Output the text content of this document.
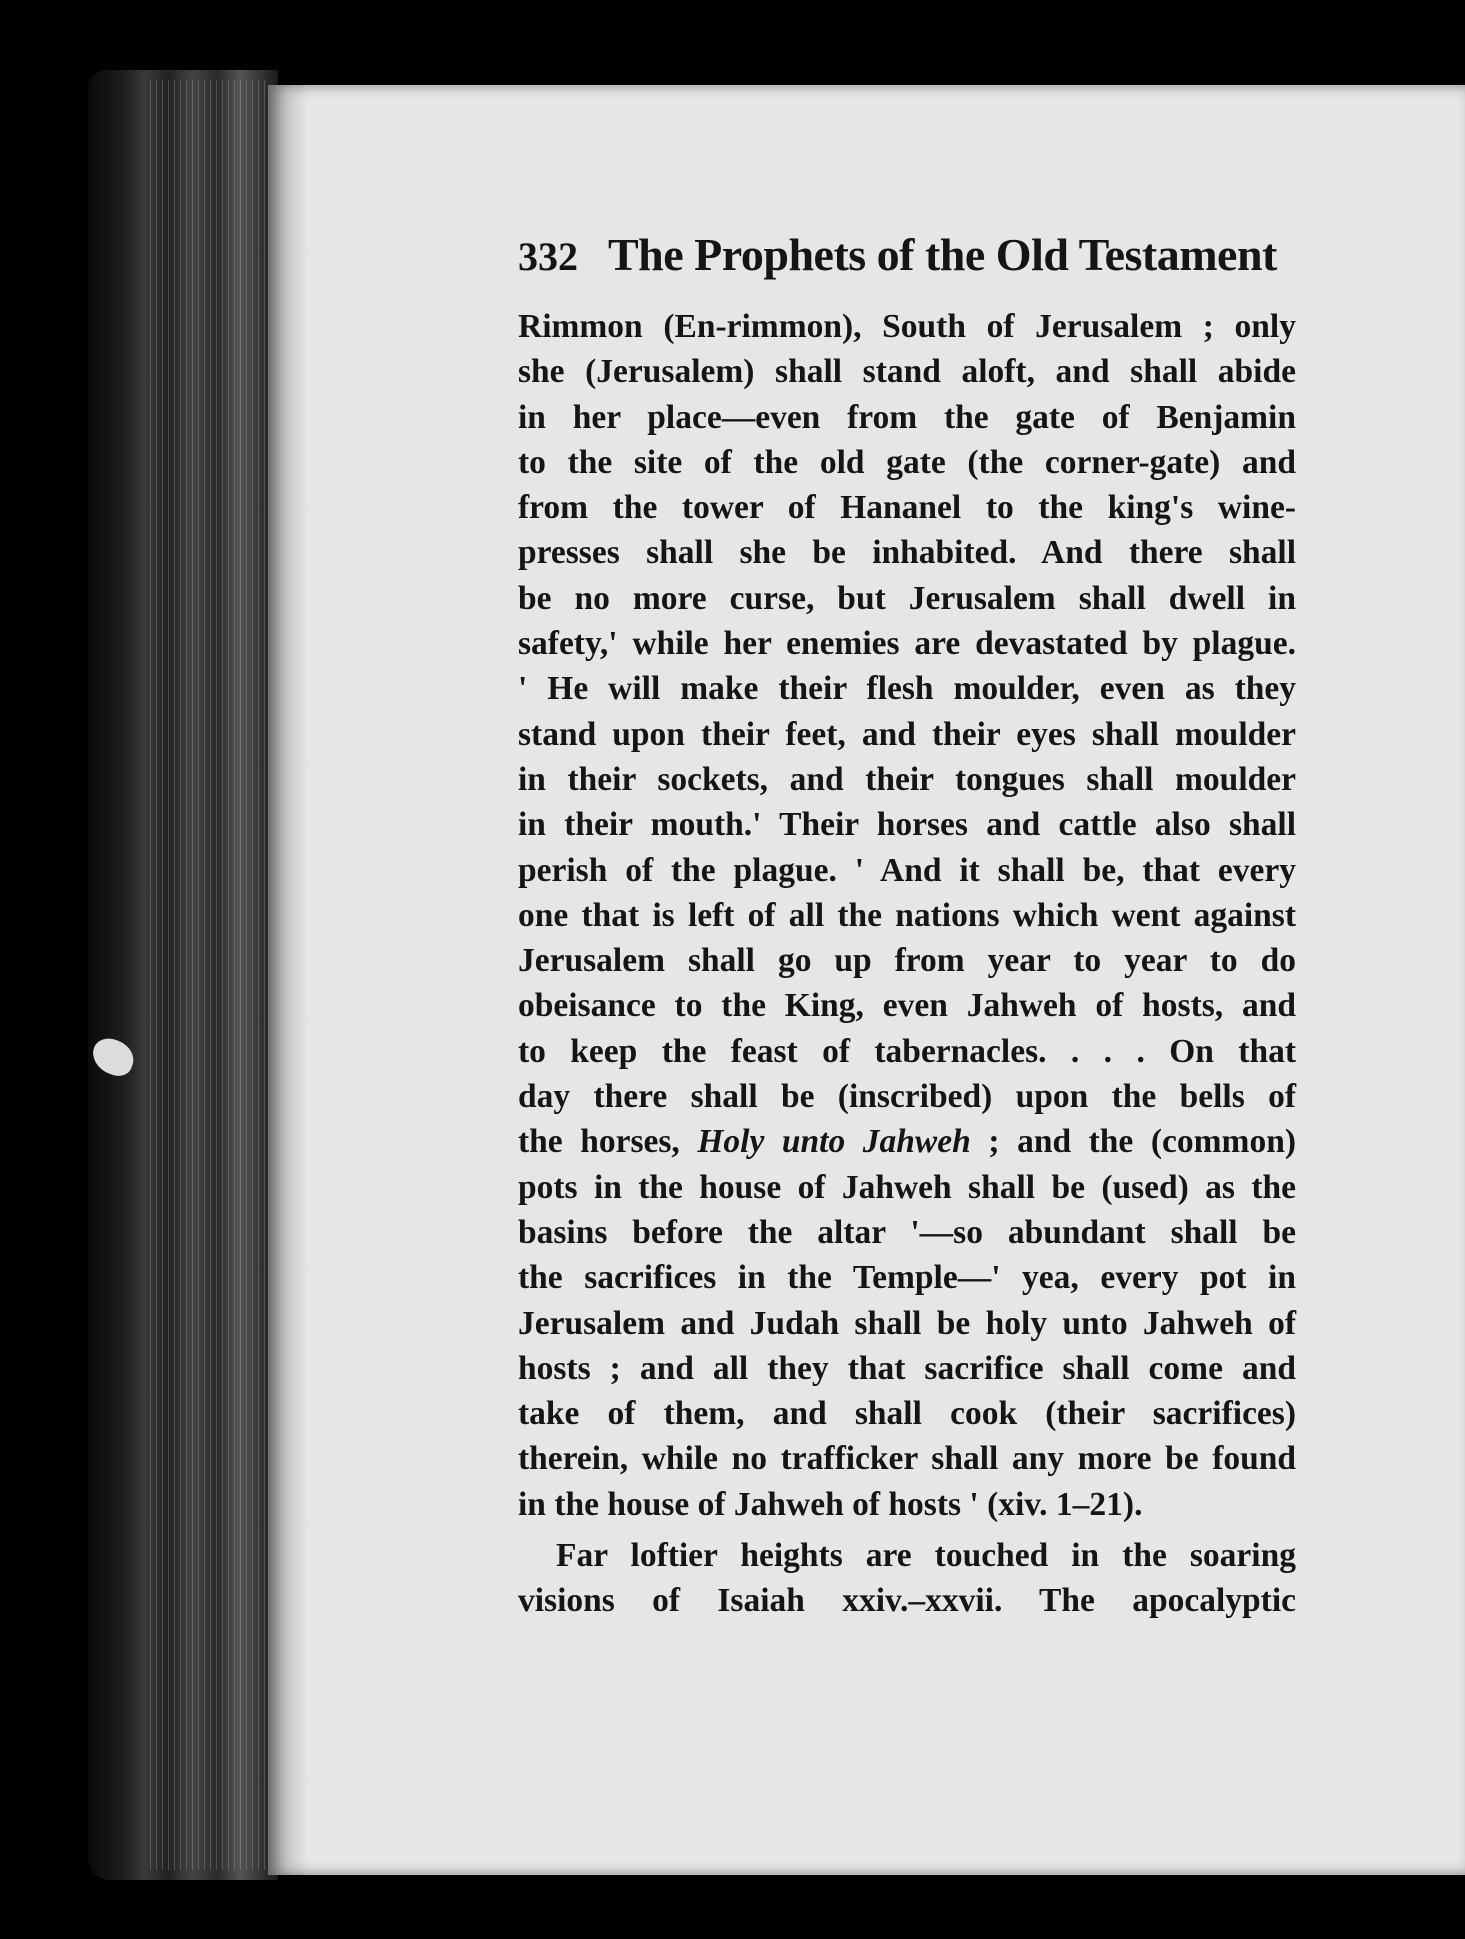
332 The Prophets of the Old Testament
Rimmon (En-rimmon), South of Jerusalem ; only
she (Jerusalem) shall stand aloft, and shall abide
in her place—even from the gate of Benjamin
to the site of the old gate (the corner-gate) and
from the tower of Hananel to the king's wine-
presses shall she be inhabited. And there shall
be no more curse, but Jerusalem shall dwell in
safety,' while her enemies are devastated by plague.
' He will make their flesh moulder, even as they
stand upon their feet, and their eyes shall moulder
in their sockets, and their tongues shall moulder
in their mouth.' Their horses and cattle also shall
perish of the plague. ' And it shall be, that every
one that is left of all the nations which went against
Jerusalem shall go up from year to year to do
obeisance to the King, even Jahweh of hosts, and
to keep the feast of tabernacles. . . . On that
day there shall be (inscribed) upon the bells of
the horses, Holy unto Jahweh ; and the (common)
pots in the house of Jahweh shall be (used) as the
basins before the altar '—so abundant shall be
the sacrifices in the Temple—' yea, every pot in
Jerusalem and Judah shall be holy unto Jahweh of
hosts ; and all they that sacrifice shall come and
take of them, and shall cook (their sacrifices)
therein, while no trafficker shall any more be found
in the house of Jahweh of hosts ' (xiv. 1–21).
Far loftier heights are touched in the soaring
visions of Isaiah xxiv.–xxvii. The apocalyptic
